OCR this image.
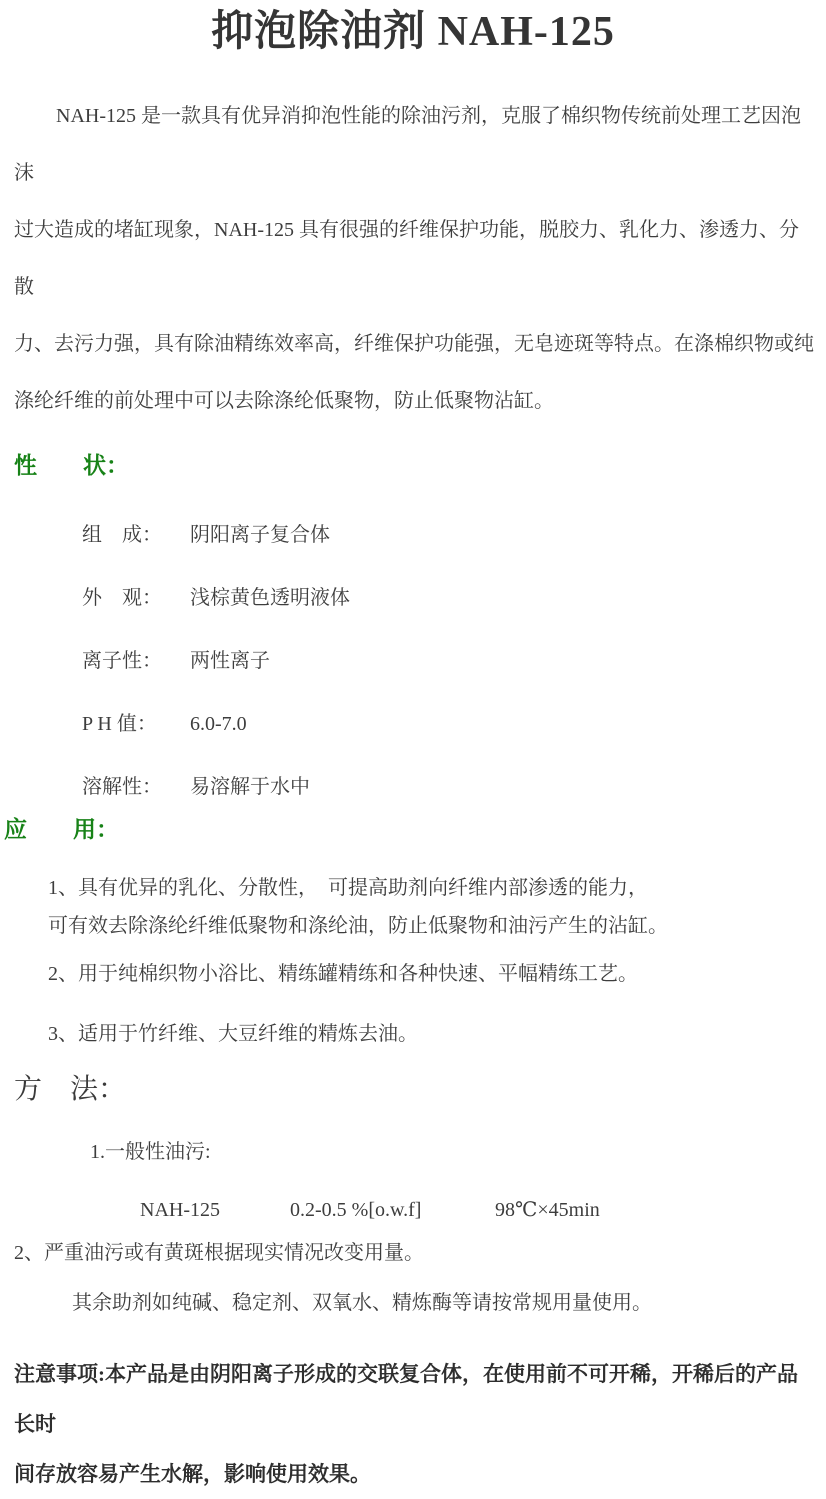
抑泡除油剂 NAH-125
NAH-125 是一款具有优异消抑泡性能的除油污剂，克服了棉织物传统前处理工艺因泡沫
过大造成的堵缸现象，NAH-125 具有很强的纤维保护功能，脱胶力、乳化力、渗透力、分散
力、去污力强，具有除油精练效率高，纤维保护功能强，无皂迹斑等特点。在涤棉织物或纯
涤纶纤维的前处理中可以去除涤纶低聚物，防止低聚物沾缸。
性　　状：
组　成： 阴阳离子复合体
外　观： 浅棕黄色透明液体
离子性： 两性离子
P H 值： 6.0-7.0
溶解性： 易溶解于水中
应　　用：
1、具有优异的乳化、分散性，　可提高助剂向纤维内部渗透的能力，
可有效去除涤纶纤维低聚物和涤纶油，防止低聚物和油污产生的沾缸。
2、用于纯棉织物小浴比、精练罐精练和各种快速、平幅精练工艺。
3、适用于竹纤维、大豆纤维的精炼去油。
方　法：
1.一般性油污:
NAH-125	0.2-0.5 %[o.w.f]	98℃×45min
2、严重油污或有黄斑根据现实情况改变用量。
其余助剂如纯碱、稳定剂、双氧水、精炼酶等请按常规用量使用。
注意事项:本产品是由阴阳离子形成的交联复合体，在使用前不可开稀，开稀后的产品长时
间存放容易产生水解，影响使用效果。
